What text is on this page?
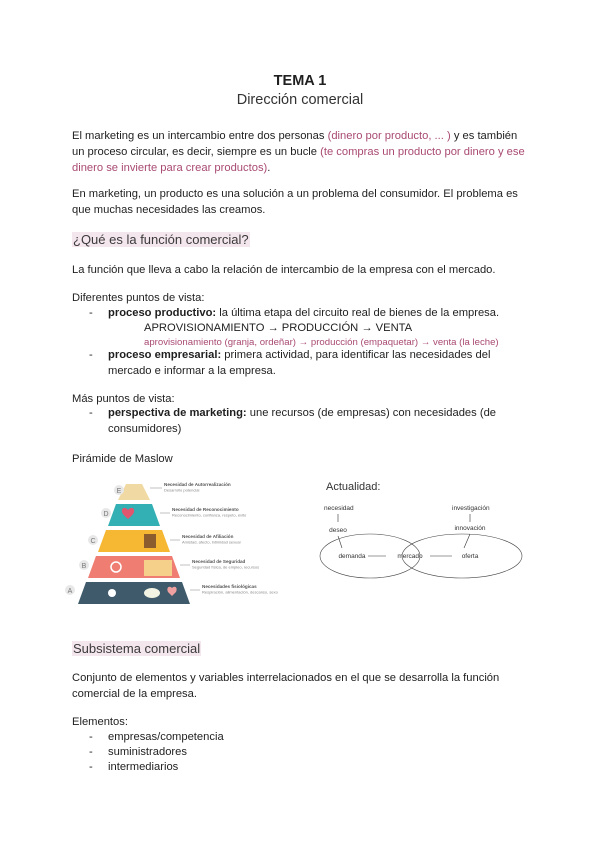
TEMA 1
Dirección comercial

El marketing es un intercambio entre dos personas (dinero por producto, ... ) y es también

un proceso circular, es decir, siempre es un bucle (te compras un producto por dinero y ese

dinero se invierte para crear productos).

En marketing, un producto es una solución a un problema del consumidor. El problema es

que muchas necesidades las creamos.

¿Qué es la función comercial?

La función que lleva a cabo la relación de intercambio de la empresa con el mercado.

Diferentes puntos de vista:

- proceso productivo: la última etapa del circuito real de bienes de la empresa.

APROVISIONAMIENTO → PRODUCCIÓN → VENTA

aprovisionamiento (granja, ordeñar) → producción (empaquetar) → venta (la leche)

- proceso empresarial: primera actividad, para identificar las necesidades del

mercado e informar a la empresa.

Más puntos de vista:

- perspectiva de marketing: une recursos (de empresas) con necesidades (de

consumidores)

Pirámide de Maslow

E
D
C
B
A
Necesidad de Autorrealización
Desarrollo potencial
Necesidad de Reconocimiento
Reconocimiento, confianza, respeto, éxito
Necesidad de Afiliación
Amistad, afecto, intimidad sexual
Necesidad de Seguridad
Seguridad física, de empleo, recursos
Necesidades fisiológicas
Respiración, alimentación, descanso, sexo
Actualidad:
necesidad
deseo
investigación
innovación
demanda	mercado	oferta
Subsistema comercial

Conjunto de elementos y variables interrelacionados en el que se desarrolla la función

comercial de la empresa.

Elementos:

- empresas/competencia

- suministradores

- intermediarios
